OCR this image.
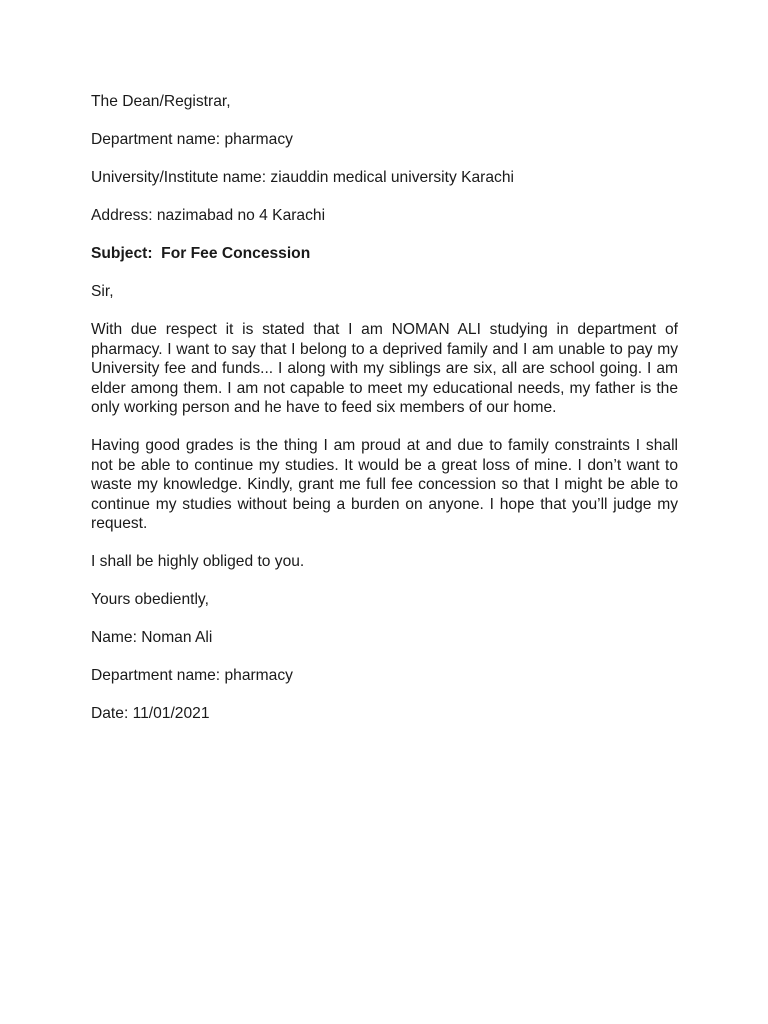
The Dean/Registrar,
Department name: pharmacy
University/Institute name: ziauddin medical university Karachi
Address: nazimabad no 4 Karachi
Subject:  For Fee Concession
Sir,

With due respect it is stated that I am NOMAN ALI studying in department of pharmacy. I want to say that I belong to a deprived family and I am unable to pay my University fee and funds... I along with my siblings are six, all are school going. I am elder among them. I am not capable to meet my educational needs, my father is the only working person and he have to feed six members of our home.

Having good grades is the thing I am proud at and due to family constraints I shall not be able to continue my studies. It would be a great loss of mine. I don’t want to waste my knowledge. Kindly, grant me full fee concession so that I might be able to continue my studies without being a burden on anyone. I hope that you’ll judge my request.

I shall be highly obliged to you.
Yours obediently,
Name: Noman Ali
Department name: pharmacy
Date: 11/01/2021
